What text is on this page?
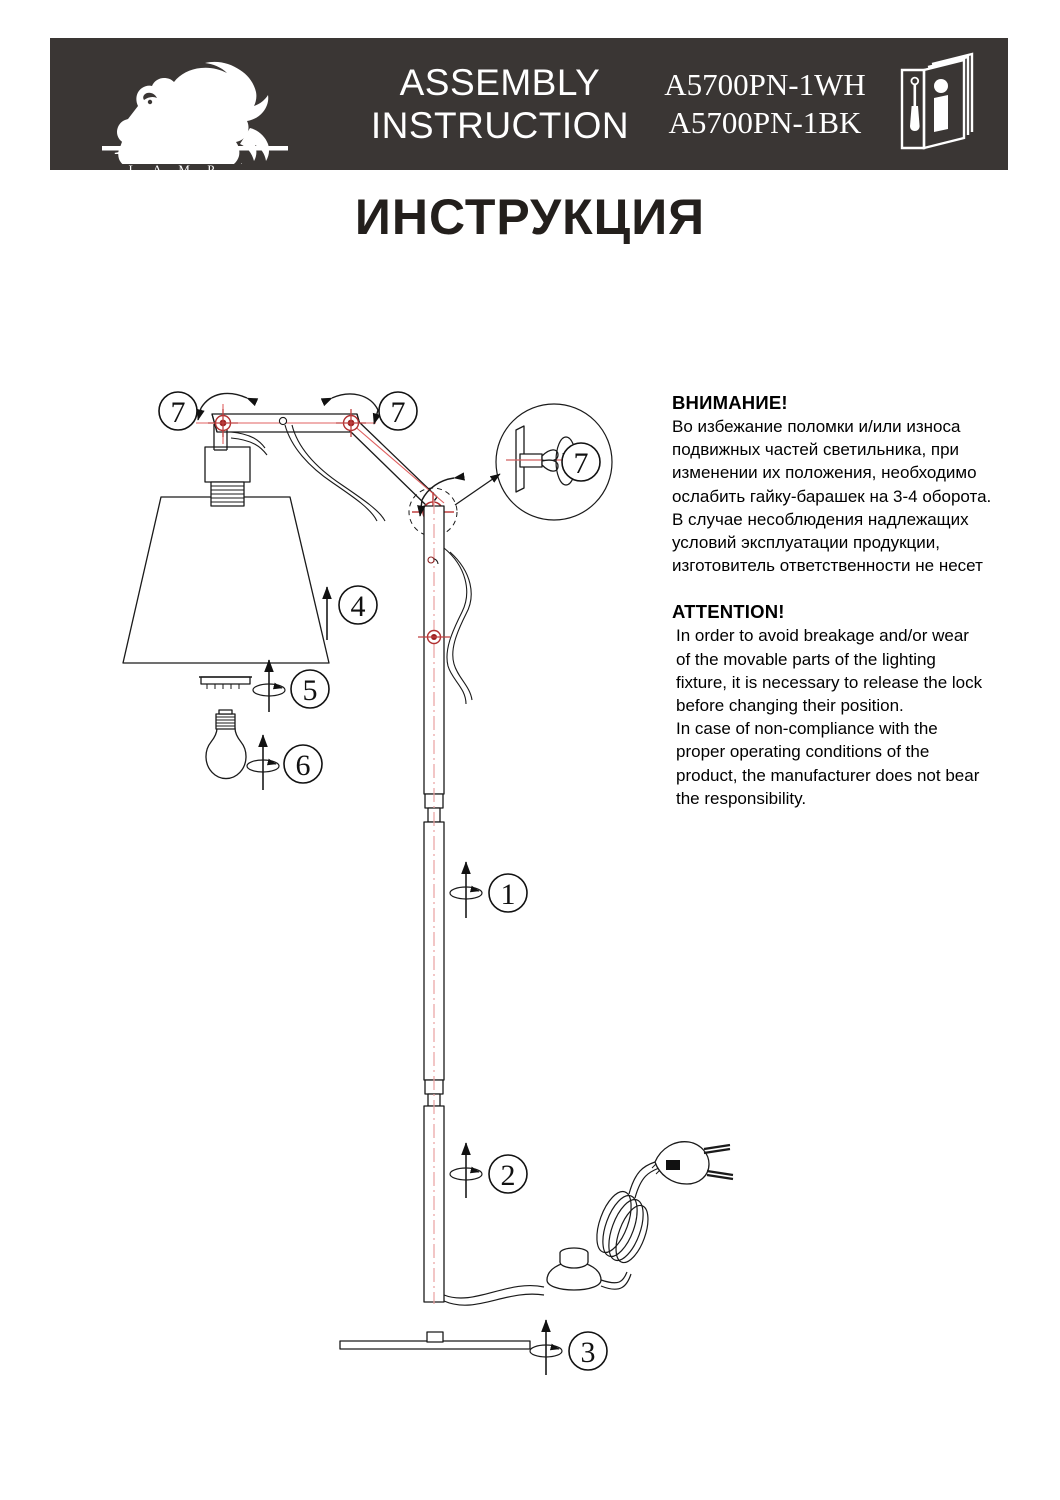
ARTE
L A M P
ASSEMBLY
INSTRUCTION
A5700PN-1WH
A5700PN-1BK
ИНСТРУКЦИЯ
ВНИМАНИЕ!
Во избежание поломки и/или износа
подвижных частей светильника, при
изменении их положения, необходимо
ослабить гайку-барашек на 3-4 оборота.
В случае несоблюдения надлежащих
условий эксплуатации продукции,
изготовитель ответственности не несет
ATTENTION!
In order to avoid breakage and/or wear
of the movable parts of the lighting
fixture, it is necessary to release the lock
before changing their position.
In case of non-compliance with the
proper operating conditions of the
product, the manufacturer does not bear
the responsibility.
7	7
7
4
5
6
1
2
3
